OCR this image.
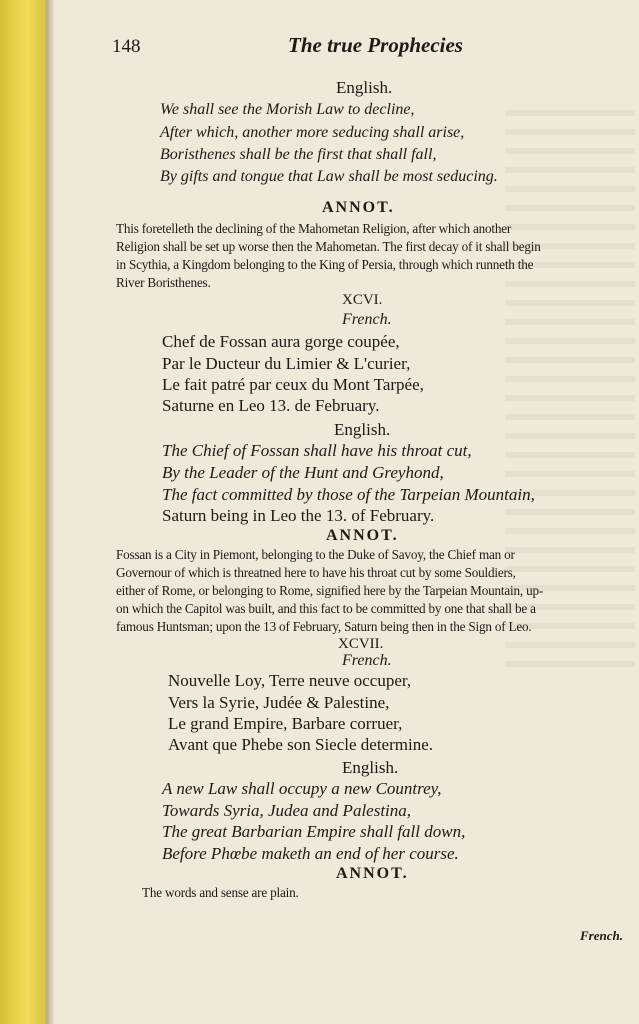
148	The true Prophecies
English.
We shall see the Morish Law to decline,
After which, another more seducing shall arise,
Boristhenes shall be the first that shall fall,
By gifts and tongue that Law shall be most seducing.
ANNOT.
This foretelleth the declining of the Mahometan Religion, after which another
Religion shall be set up worse then the Mahometan. The first decay of it shall begin
in Scythia, a Kingdom belonging to the King of Persia, through which runneth the
River Boristhenes.
XCVI.
French.
Chef de Fossan aura gorge coupée,
Par le Ducteur du Limier & L'curier,
Le fait patré par ceux du Mont Tarpée,
Saturne en Leo 13. de February.
English.
The Chief of Fossan shall have his throat cut,
By the Leader of the Hunt and Greyhond,
The fact committed by those of the Tarpeian Mountain,
Saturn being in Leo the 13. of February.
ANNOT.
Fossan is a City in Piemont, belonging to the Duke of Savoy, the Chief man or
Governour of which is threatned here to have his throat cut by some Souldiers,
either of Rome, or belonging to Rome, signified here by the Tarpeian Mountain, up-
on which the Capitol was built, and this fact to be committed by one that shall be a
famous Huntsman; upon the 13 of February, Saturn being then in the Sign of Leo.
XCVII.
French.
Nouvelle Loy, Terre neuve occuper,
Vers la Syrie, Judée & Palestine,
Le grand Empire, Barbare corruer,
Avant que Phebe son Siecle determine.
English.
A new Law shall occupy a new Countrey,
Towards Syria, Judea and Palestina,
The great Barbarian Empire shall fall down,
Before Phœbe maketh an end of her course.
ANNOT.
The words and sense are plain.
French.
